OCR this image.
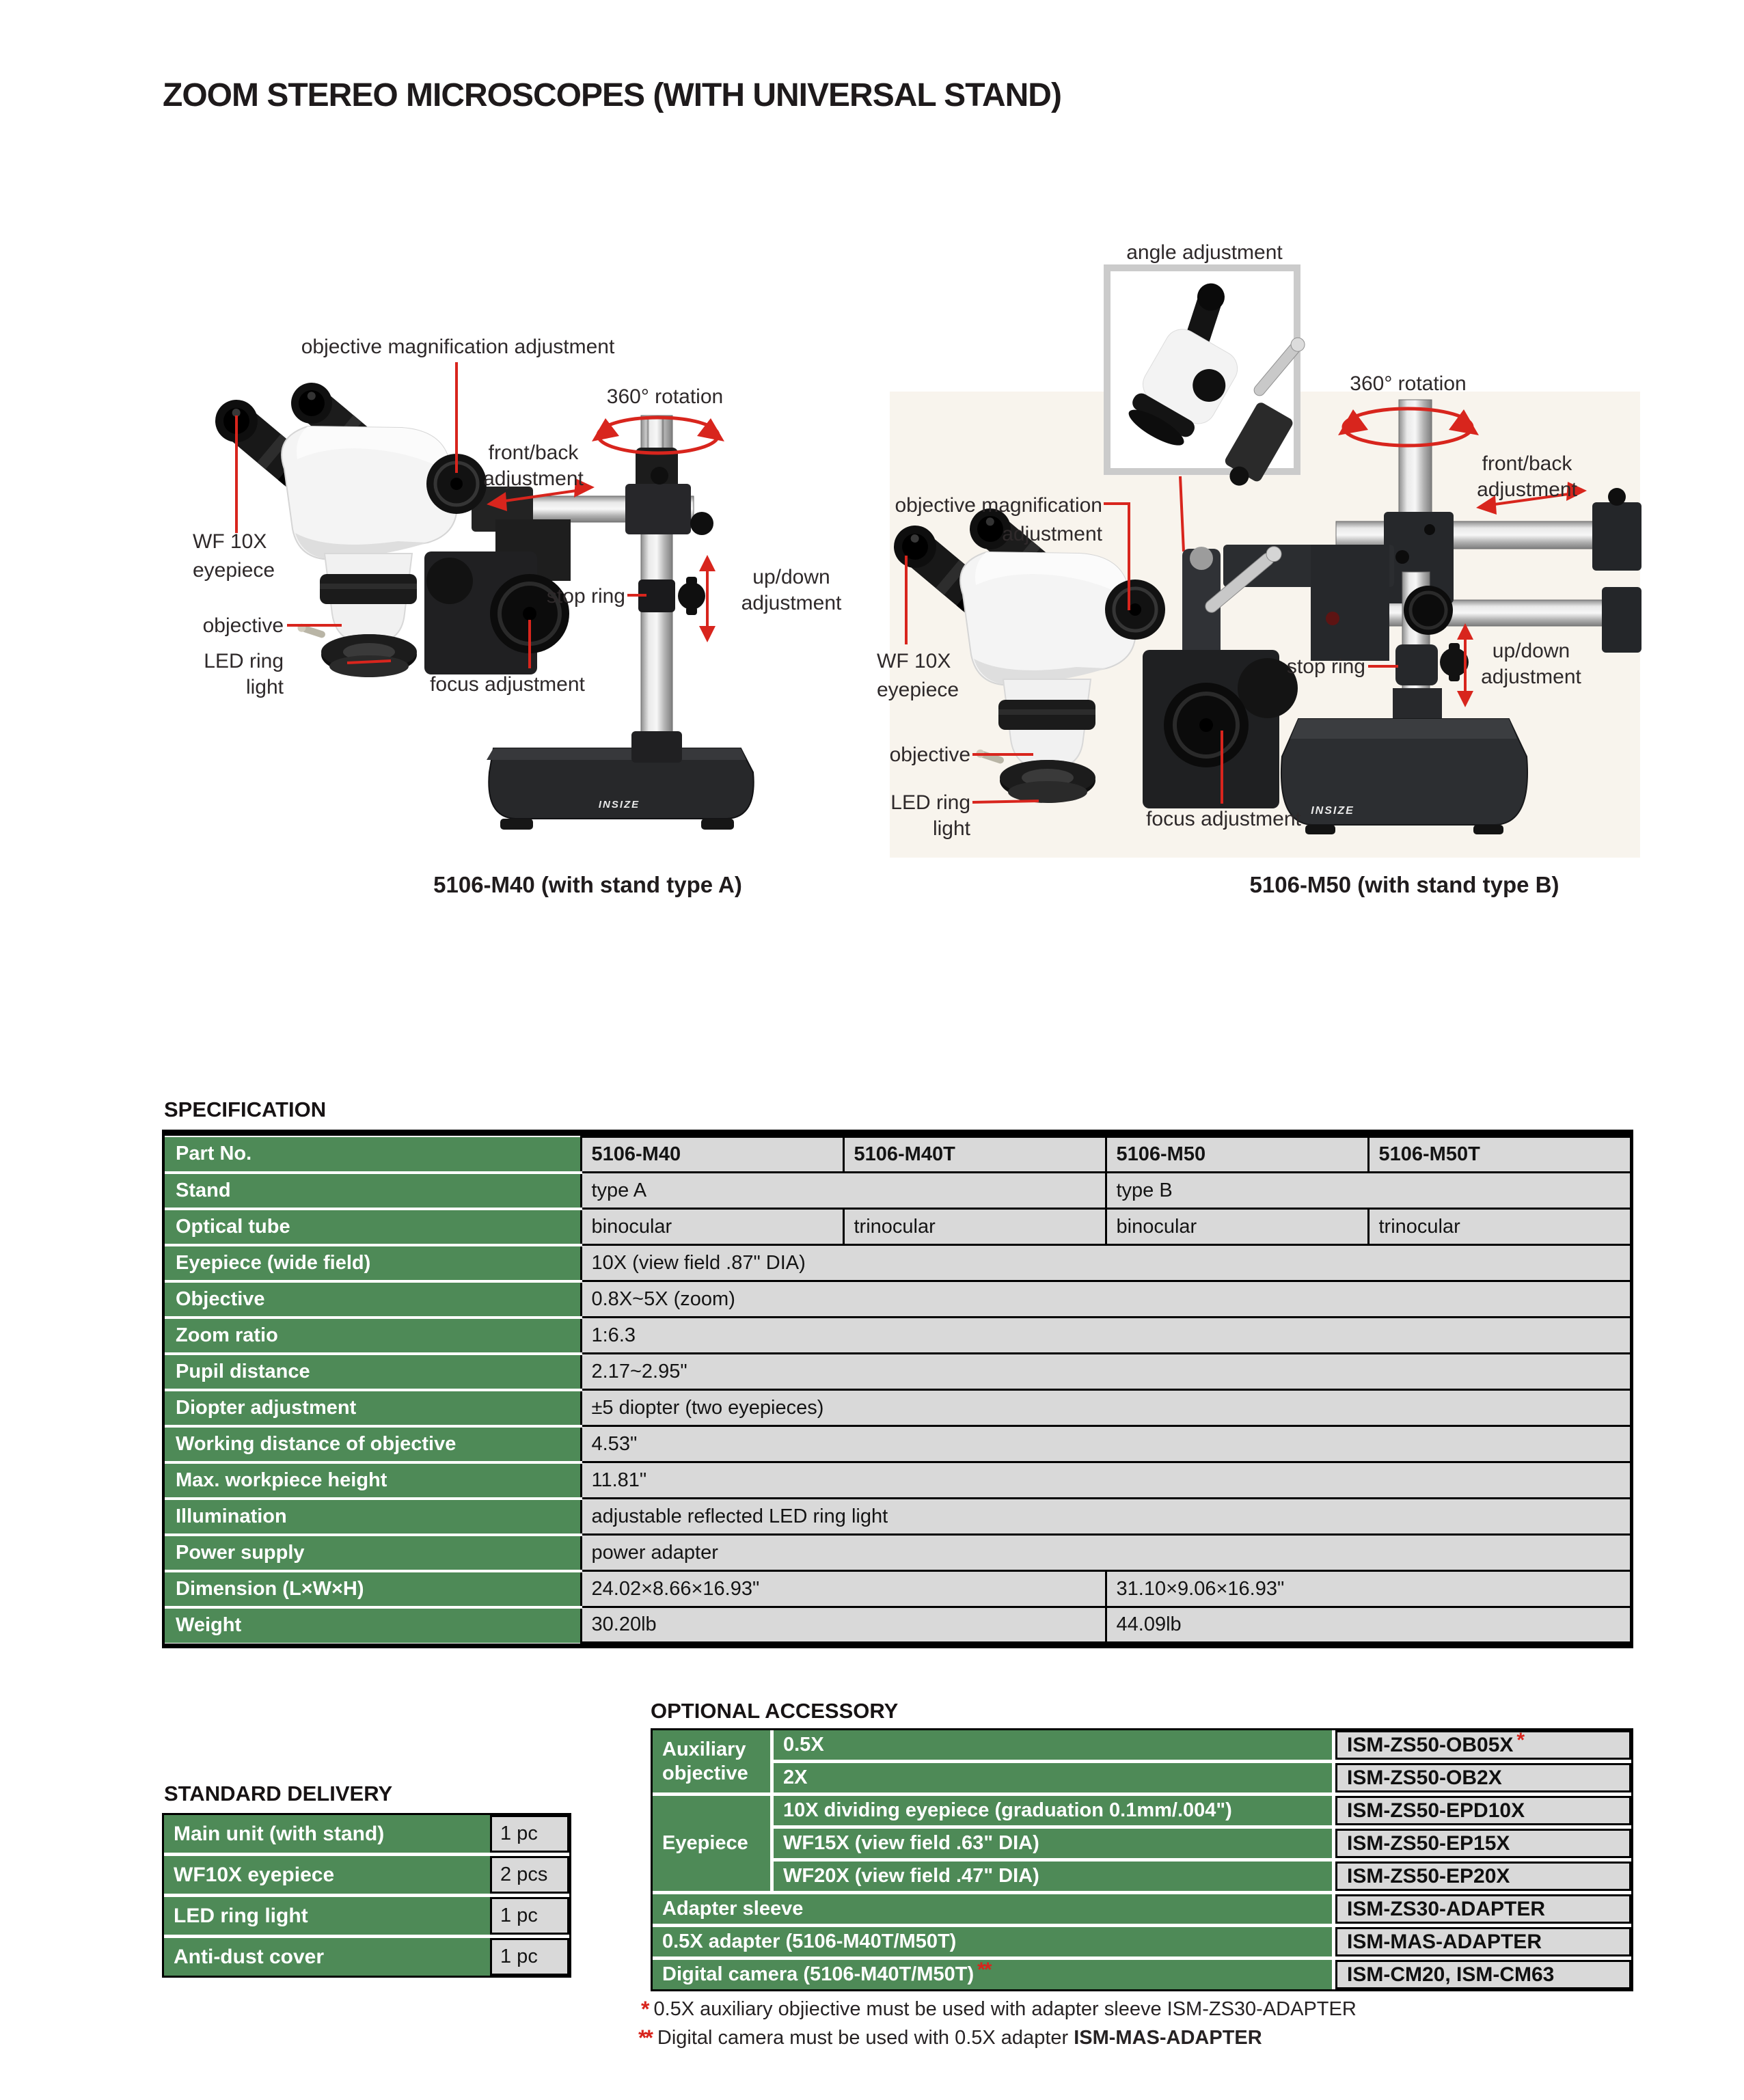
ZOOM STEREO MICROSCOPES (WITH UNIVERSAL STAND)
INSIZE
INSIZE
objective magnification adjustment
360° rotation
front/back adjustment
WF 10X eyepiece
stop ring
up/down adjustment
objective
LED ring light	focus adjustment
5106-M40 (with stand type A)
angle adjustment
360° rotation
front/back adjustment
objective magnification adjustment
WF 10X eyepiece
stop ring
up/down adjustment
objective
LED ring light	focus adjustment
5106-M50 (with stand type B)
SPECIFICATION
Part No.	5106-M40	5106-M40T	5106-M50	5106-M50T
Stand	type A		type B	
Optical tube	binocular	trinocular	binocular	trinocular
Eyepiece (wide field)	10X (view field .87" DIA)			
Objective	0.8X~5X (zoom)			
Zoom ratio	1:6.3			
Pupil distance	2.17~2.95"			
Diopter adjustment	±5 diopter (two eyepieces)			
Working distance of objective	4.53"			
Max. workpiece height	11.81"			
Illumination	adjustable reflected LED ring light			
Power supply	power adapter			
Dimension (L×W×H)	24.02×8.66×16.93"		31.10×9.06×16.93"	
Weight	30.20lb		44.09lb	
STANDARD DELIVERY
Main unit (with stand)	1 pc
WF10X eyepiece	2 pcs
LED ring light	1 pc
Anti-dust cover	1 pc
OPTIONAL ACCESSORY
Auxiliary objective
0.5X	ISM-ZS50-OB05X *
2X	ISM-ZS50-OB2X
Eyepiece
10X dividing eyepiece (graduation 0.1mm/.004")	ISM-ZS50-EPD10X
WF15X (view field .63" DIA)	ISM-ZS50-EP15X
WF20X (view field .47" DIA)	ISM-ZS50-EP20X
Adapter sleeve	ISM-ZS30-ADAPTER
0.5X adapter (5106-M40T/M50T)	ISM-MAS-ADAPTER
Digital camera (5106-M40T/M50T) **	ISM-CM20, ISM-CM63
* 0.5X auxiliary objiective must be used with adapter sleeve ISM-ZS30-ADAPTER
** Digital camera must be used with 0.5X adapter ISM-MAS-ADAPTER
